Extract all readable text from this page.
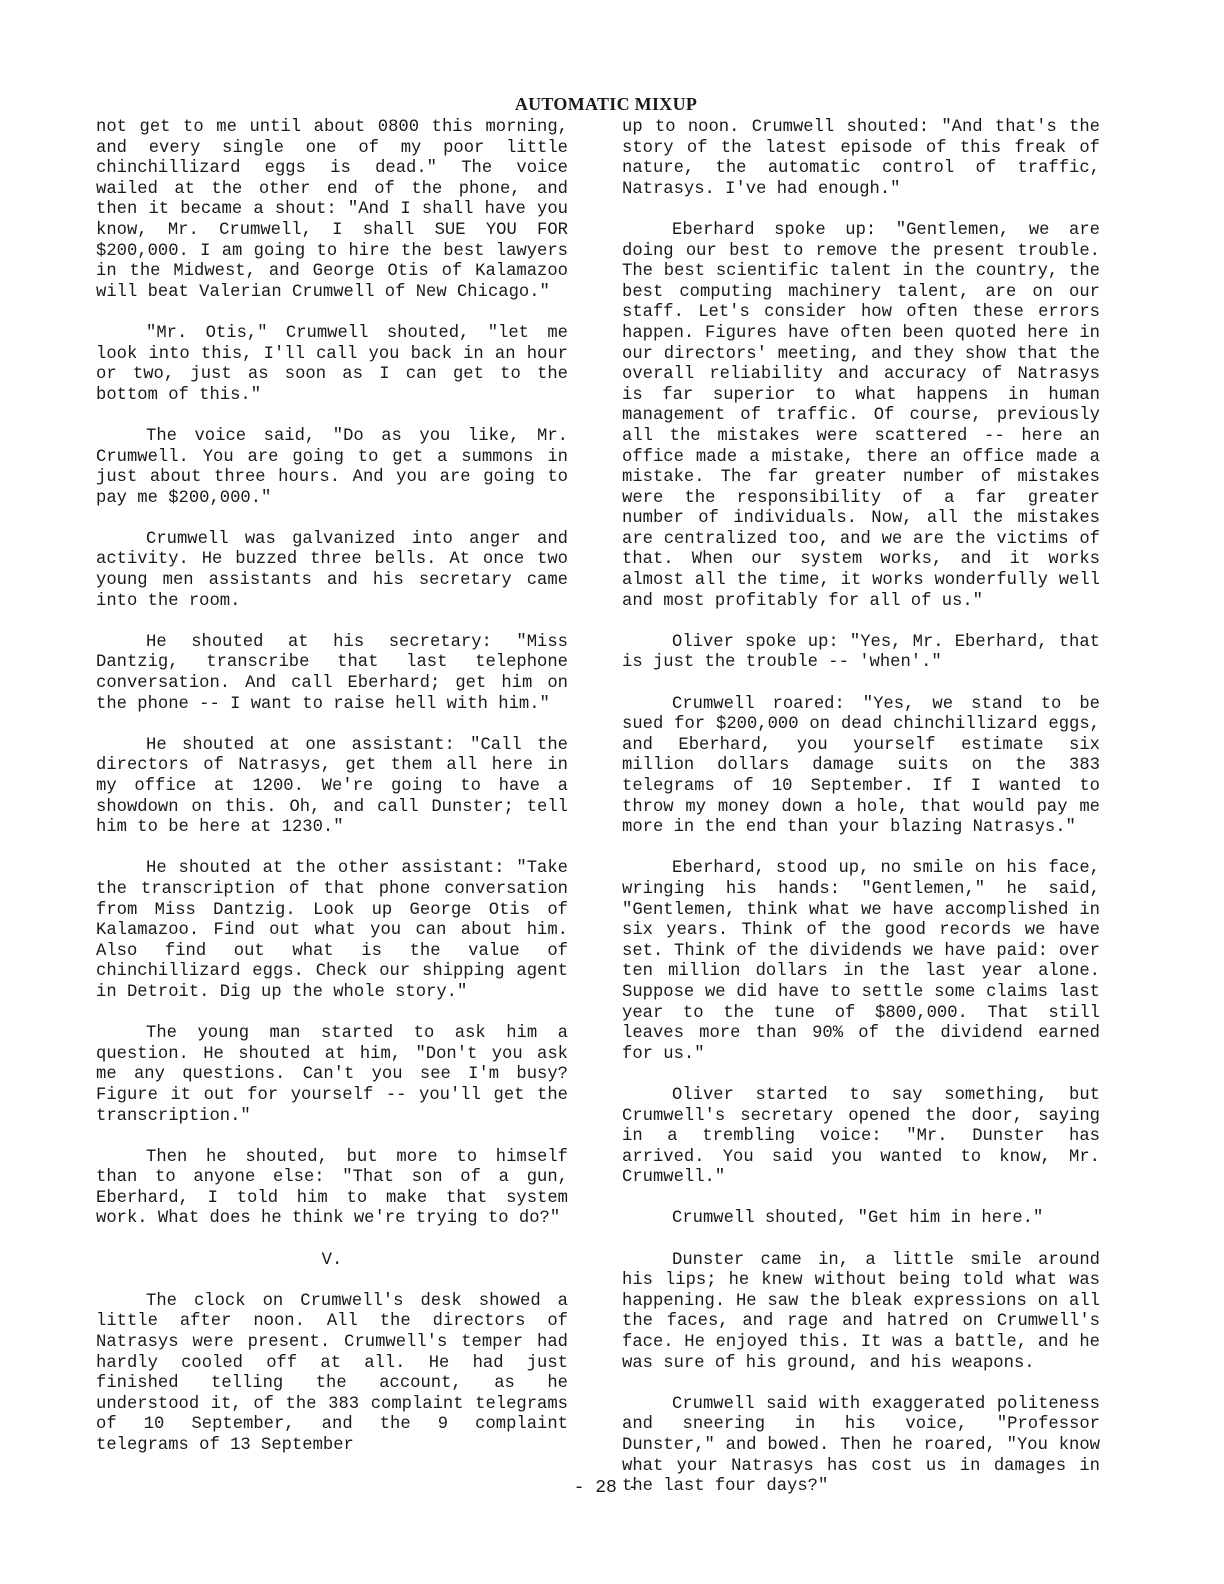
AUTOMATIC MIXUP

not get to me until about 0800 this morning, and every single one of my poor little chinchillizard eggs is dead." The voice wailed at the other end of the phone, and then it became a shout: "And I shall have you know, Mr. Crumwell, I shall SUE YOU FOR $200,000. I am going to hire the best lawyers in the Midwest, and George Otis of Kalamazoo will beat Valerian Crumwell of New Chicago."

"Mr. Otis," Crumwell shouted, "let me look into this, I'll call you back in an hour or two, just as soon as I can get to the bottom of this."

The voice said, "Do as you like, Mr. Crumwell. You are going to get a summons in just about three hours. And you are going to pay me $200,000."

Crumwell was galvanized into anger and activity. He buzzed three bells. At once two young men assistants and his secretary came into the room.

He shouted at his secretary: "Miss Dantzig, transcribe that last telephone conversation. And call Eberhard; get him on the phone -- I want to raise hell with him."

He shouted at one assistant: "Call the directors of Natrasys, get them all here in my office at 1200. We're going to have a showdown on this. Oh, and call Dunster; tell him to be here at 1230."

He shouted at the other assistant: "Take the transcription of that phone conversation from Miss Dantzig. Look up George Otis of Kalamazoo. Find out what you can about him. Also find out what is the value of chinchillizard eggs. Check our shipping agent in Detroit. Dig up the whole story."

The young man started to ask him a question. He shouted at him, "Don't you ask me any questions. Can't you see I'm busy? Figure it out for yourself -- you'll get the transcription."

Then he shouted, but more to himself than to anyone else: "That son of a gun, Eberhard, I told him to make that system work. What does he think we're trying to do?"

V.

The clock on Crumwell's desk showed a little after noon. All the directors of Natrasys were present. Crumwell's temper had hardly cooled off at all. He had just finished telling the account, as he understood it, of the 383 complaint telegrams of 10 September, and the 9 complaint telegrams of 13 September

up to noon. Crumwell shouted: "And that's the story of the latest episode of this freak of nature, the automatic control of traffic, Natrasys. I've had enough."

Eberhard spoke up: "Gentlemen, we are doing our best to remove the present trouble. The best scientific talent in the country, the best computing machinery talent, are on our staff. Let's consider how often these errors happen. Figures have often been quoted here in our directors' meeting, and they show that the overall reliability and accuracy of Natrasys is far superior to what happens in human management of traffic. Of course, previously all the mistakes were scattered -- here an office made a mistake, there an office made a mistake. The far greater number of mistakes were the responsibility of a far greater number of individuals. Now, all the mistakes are centralized too, and we are the victims of that. When our system works, and it works almost all the time, it works wonderfully well and most profitably for all of us."

Oliver spoke up: "Yes, Mr. Eberhard, that is just the trouble -- 'when'."

Crumwell roared: "Yes, we stand to be sued for $200,000 on dead chinchillizard eggs, and Eberhard, you yourself estimate six million dollars damage suits on the 383 telegrams of 10 September. If I wanted to throw my money down a hole, that would pay me more in the end than your blazing Natrasys."

Eberhard, stood up, no smile on his face, wringing his hands: "Gentlemen," he said, "Gentlemen, think what we have accomplished in six years. Think of the good records we have set. Think of the dividends we have paid: over ten million dollars in the last year alone. Suppose we did have to settle some claims last year to the tune of $800,000. That still leaves more than 90% of the dividend earned for us."

Oliver started to say something, but Crumwell's secretary opened the door, saying in a trembling voice: "Mr. Dunster has arrived. You said you wanted to know, Mr. Crumwell."

Crumwell shouted, "Get him in here."

Dunster came in, a little smile around his lips; he knew without being told what was happening. He saw the bleak expressions on all the faces, and rage and hatred on Crumwell's face. He enjoyed this. It was a battle, and he was sure of his ground, and his weapons.

Crumwell said with exaggerated politeness and sneering in his voice, "Professor Dunster," and bowed. Then he roared, "You know what your Natrasys has cost us in damages in the last four days?"

- 28 -
